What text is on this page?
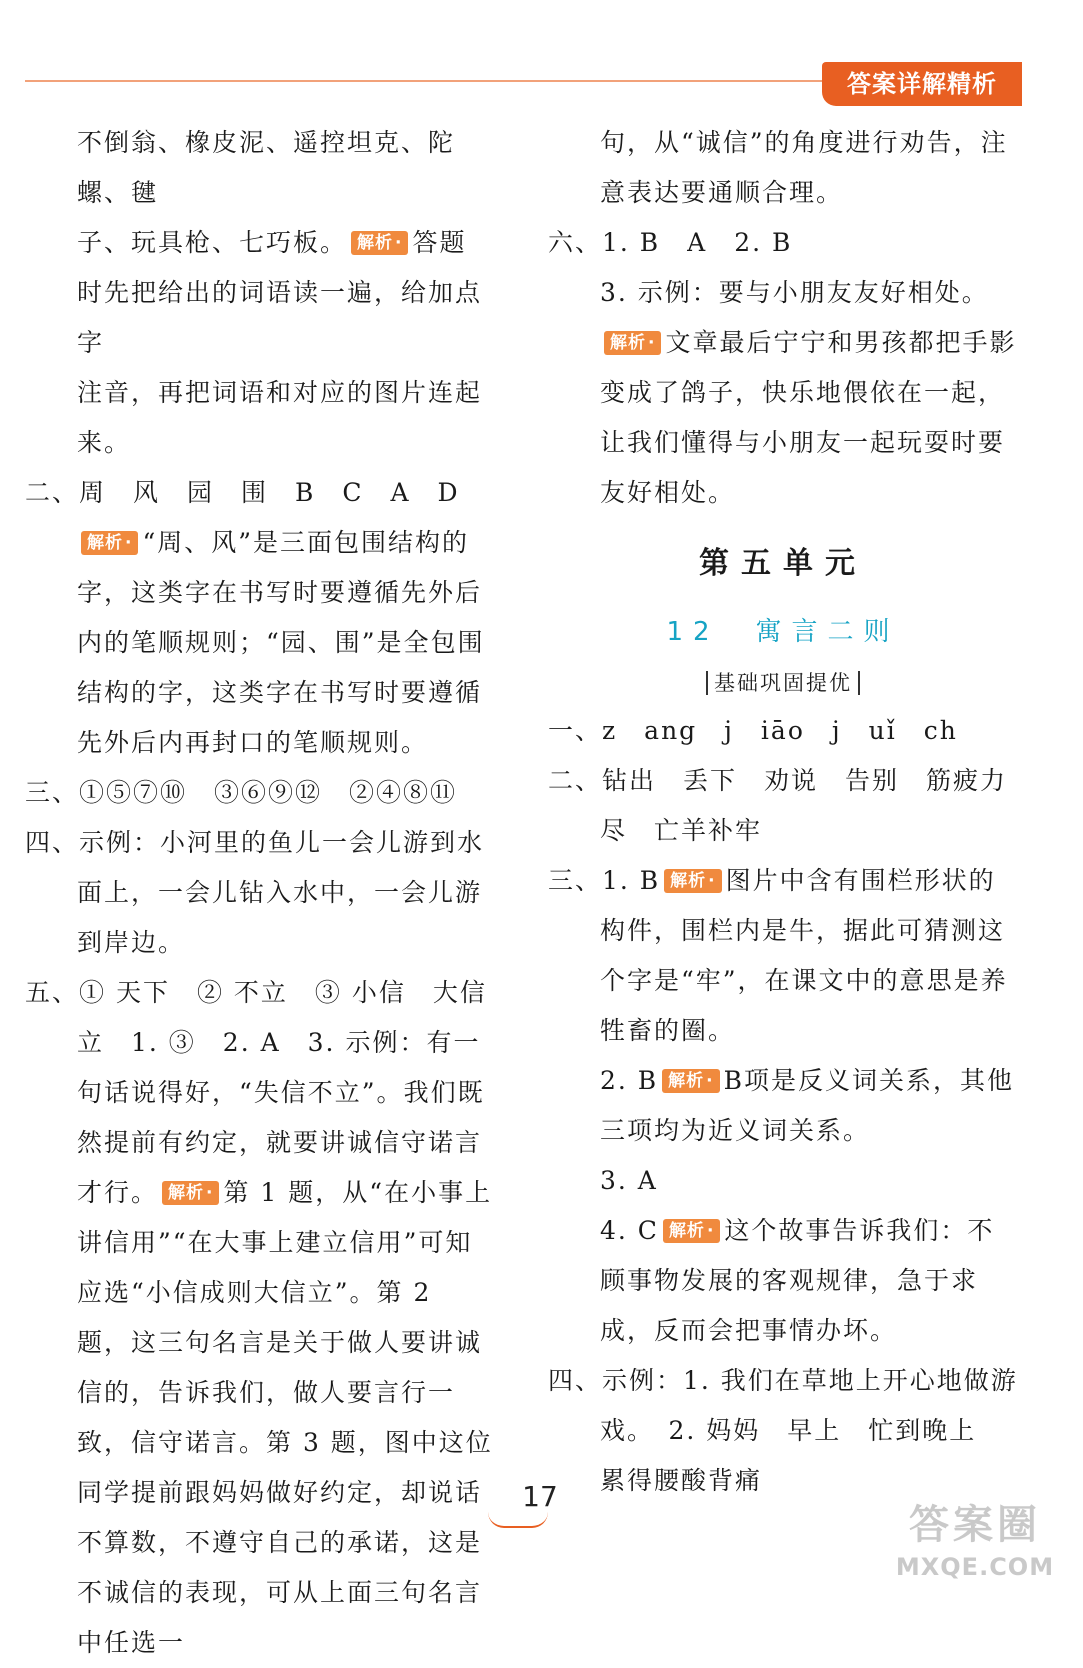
答案详解精析

不倒翁、橡皮泥、遥控坦克、陀螺、毽

子、玩具枪、七巧板。 解析 · 答题

时先把给出的词语读一遍，给加点字

注音，再把词语和对应的图片连起来。

二、周　风　园　围　B　C　A　D

解析 · “周、风”是三面包围结构的字，这类字在书写时要遵循先外后内的笔顺规则；“园、围”是全包围结构的字，这类字在书写时要遵循先外后内再封口的笔顺规则。

三、①⑤⑦⑩　③⑥⑨⑫　②④⑧⑪

四、示例：小河里的鱼儿一会儿游到水面上，一会儿钻入水中，一会儿游到岸边。

五、① 天下　② 不立　③ 小信　大信立　1. ③　2. A　3. 示例：有一句话说得好，“失信不立”。我们既然提前有约定，就要讲诚信守诺言才行。 解析 · 第 1 题，从“在小事上讲信用”“在大事上建立信用”可知应选“小信成则大信立”。第 2 题，这三句名言是关于做人要讲诚信的，告诉我们，做人要言行一致，信守诺言。第 3 题，图中这位同学提前跟妈妈做好约定，却说话不算数，不遵守自己的承诺，这是不诚信的表现，可从上面三句名言中任选一

句，从“诚信”的角度进行劝告，注意表达要通顺合理。

六、1. B　A　2. B

3. 示例：要与小朋友友好相处。

解析 · 文章最后宁宁和男孩都把手影变成了鸽子，快乐地偎依在一起，让我们懂得与小朋友一起玩耍时要友好相处。

第五单元
12　 寓言二则
基础巩固提优

一、z　ang　j　iāo　j　uǐ　ch

二、钻出　丢下　劝说　告别　筋疲力尽　亡羊补牢

三、1. B 解析 · 图片中含有围栏形状的构件，围栏内是牛，据此可猜测这个字是“牢”，在课文中的意思是养牲畜的圈。

2. B 解析 · B项是反义词关系，其他三项均为近义词关系。

3. A

4. C 解析 · 这个故事告诉我们：不顾事物发展的客观规律，急于求成，反而会把事情办坏。

四、示例：1. 我们在草地上开心地做游戏。　2. 妈妈　早上　忙到晚上　累得腰酸背痛

17
答案圈
MXQE.COM
